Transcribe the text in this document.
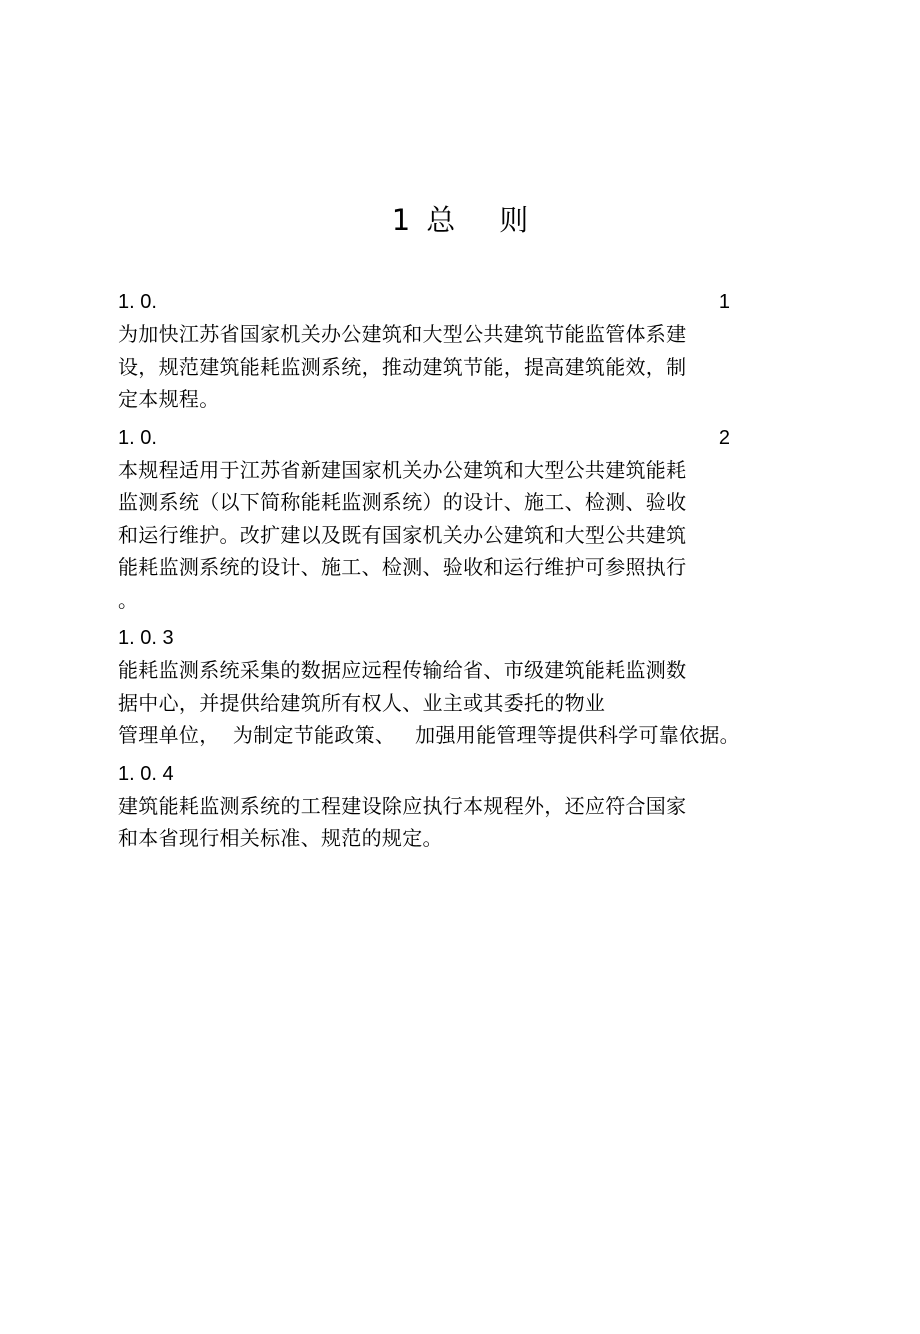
1 总 则
1. 0.	1
为加快江苏省国家机关办公建筑和大型公共建筑节能监管体系建
设，规范建筑能耗监测系统，推动建筑节能，提高建筑能效，制
定本规程。
1. 0.	2
本规程适用于江苏省新建国家机关办公建筑和大型公共建筑能耗
监测系统（以下简称能耗监测系统）的设计、施工、检测、验收
和运行维护。改扩建以及既有国家机关办公建筑和大型公共建筑
能耗监测系统的设计、施工、检测、验收和运行维护可参照执行
。
1. 0. 3
能耗监测系统采集的数据应远程传输给省、市级建筑能耗监测数
据中心，并提供给建筑所有权人、业主或其委托的物业
管理单位，  为制定节能政策、   加强用能管理等提供科学可靠依据。
1. 0. 4
建筑能耗监测系统的工程建设除应执行本规程外，还应符合国家
和本省现行相关标准、规范的规定。
